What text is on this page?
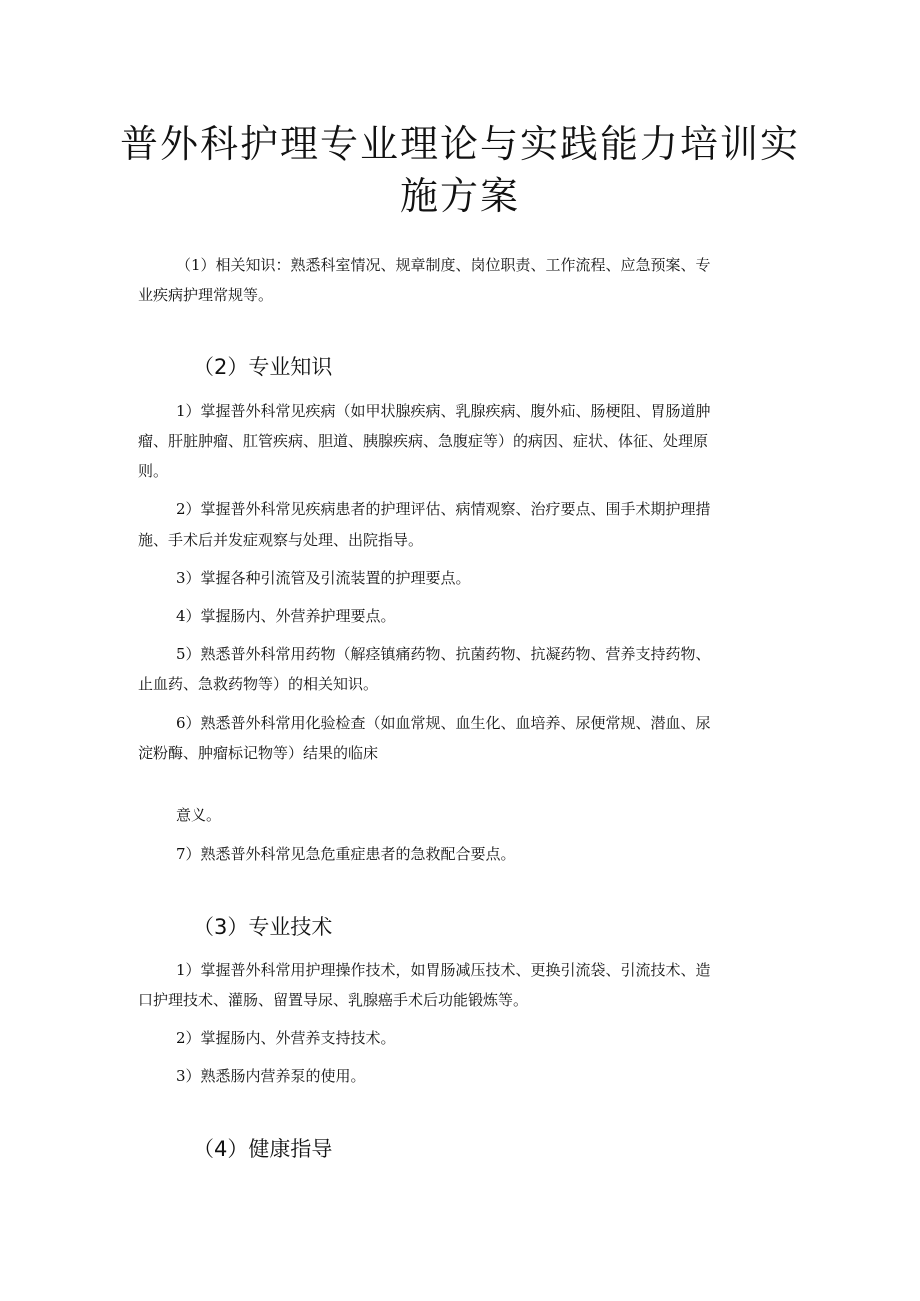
普外科护理专业理论与实践能力培训实
施方案

（1）相关知识：熟悉科室情况、规章制度、岗位职责、工作流程、应急预案、专

业疾病护理常规等。

（2）专业知识

1）掌握普外科常见疾病（如甲状腺疾病、乳腺疾病、腹外疝、肠梗阻、胃肠道肿

瘤、肝脏肿瘤、肛管疾病、胆道、胰腺疾病、急腹症等）的病因、症状、体征、处理原

则。

2）掌握普外科常见疾病患者的护理评估、病情观察、治疗要点、围手术期护理措

施、手术后并发症观察与处理、出院指导。

3）掌握各种引流管及引流装置的护理要点。

4）掌握肠内、外营养护理要点。

5）熟悉普外科常用药物（解痉镇痛药物、抗菌药物、抗凝药物、营养支持药物、

止血药、急救药物等）的相关知识。

6）熟悉普外科常用化验检查（如血常规、血生化、血培养、尿便常规、潜血、尿

淀粉酶、肿瘤标记物等）结果的临床

意义。

7）熟悉普外科常见急危重症患者的急救配合要点。

（3）专业技术

1）掌握普外科常用护理操作技术，如胃肠减压技术、更换引流袋、引流技术、造

口护理技术、灌肠、留置导尿、乳腺癌手术后功能锻炼等。

2）掌握肠内、外营养支持技术。

3）熟悉肠内营养泵的使用。

（4）健康指导
